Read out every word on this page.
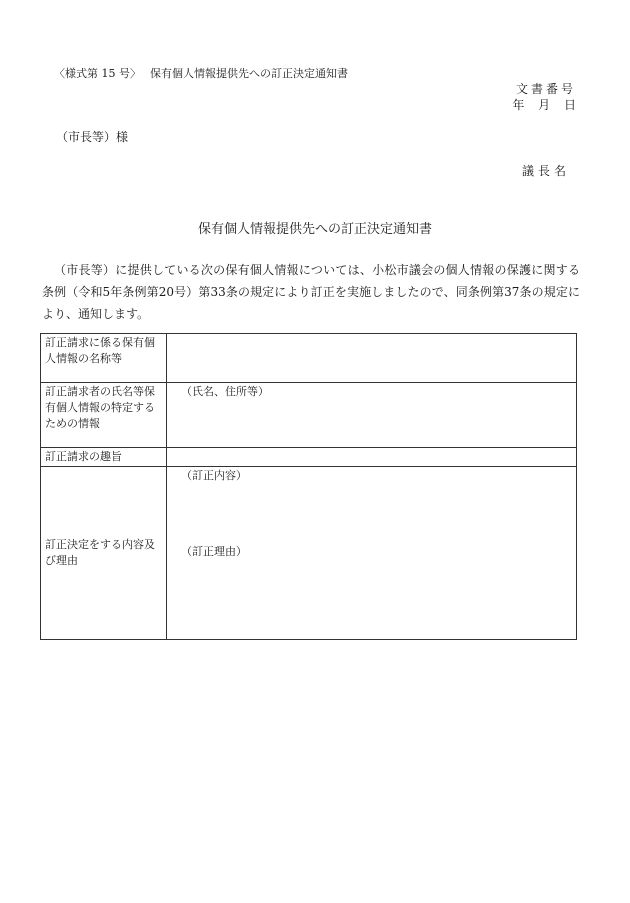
〈様式第 15 号〉　 保有個人情報提供先への訂正決定通知書
文書番号
年 月 日
（市長等）様
議長名
保有個人情報提供先への訂正決定通知書
（市長等）に提供している次の保有個人情報については、小松市議会の個人情報の保護に関する条例（令和5年条例第20号）第33条の規定により訂正を実施しましたので、同条例第37条の規定により、通知します。
訂正請求に係る保有個人情報の名称等	
訂正請求者の氏名等保有個人情報の特定するための情報	（氏名、住所等）
訂正請求の趣旨	
訂正決定をする内容及び理由	（訂正内容）
（訂正理由）
